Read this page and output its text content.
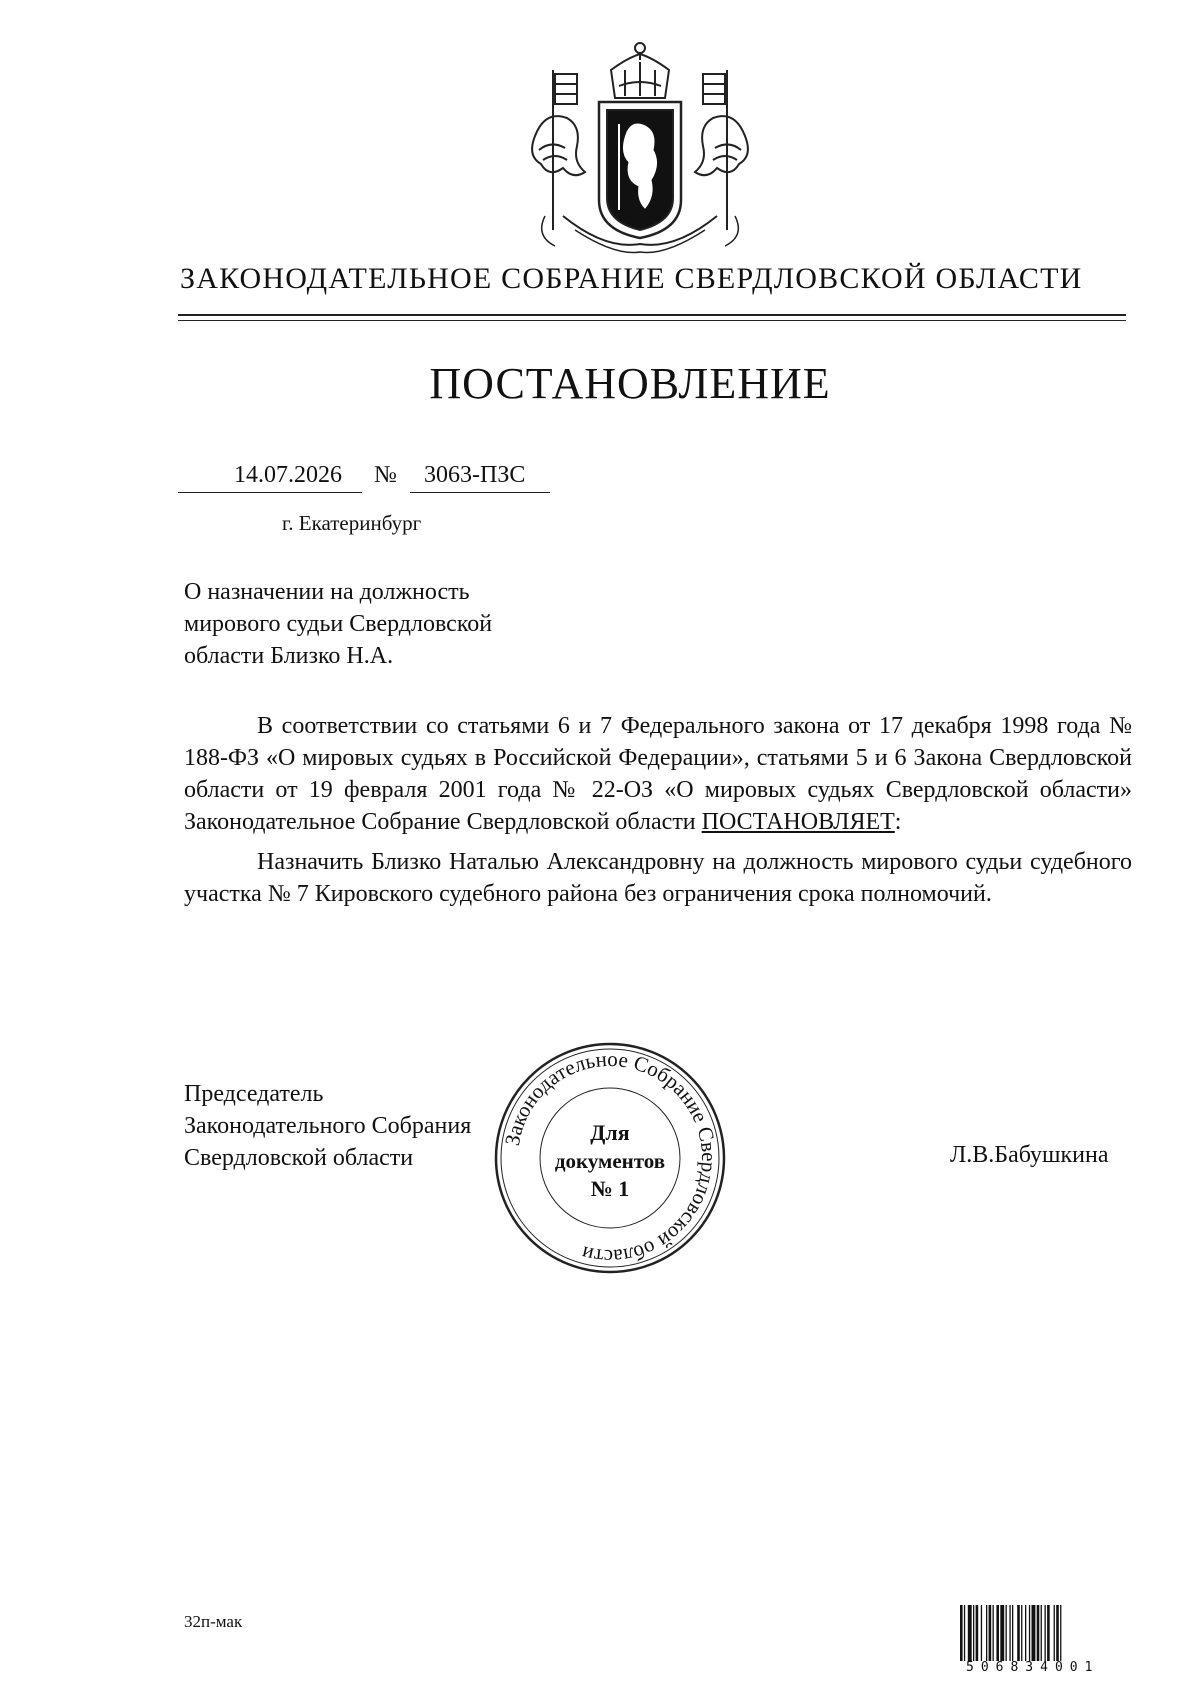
ЗАКОНОДАТЕЛЬНОЕ СОБРАНИЕ СВЕРДЛОВСКОЙ ОБЛАСТИ
ПОСТАНОВЛЕНИЕ
14.07.2026	№	3063-ПЗС
г. Екатеринбург
О назначении на должность
мирового судьи Свердловской
области Близко Н.А.

В соответствии со статьями 6 и 7 Федерального закона от 17 декабря 1998 года № 188-ФЗ «О мировых судьях в Российской Федерации», статьями 5 и 6 Закона Свердловской области от 19 февраля 2001 года № 22-ОЗ «О мировых судьях Свердловской области» Законодательное Собрание Свердловской области ПОСТАНОВЛЯЕТ:

Назначить Близко Наталью Александровну на должность мирового судьи судебного участка № 7 Кировского судебного района без ограничения срока полномочий.

Председатель
Законодательного Собрания
Свердловской области
Законодательное Собрание Свердловской области
Для
документов
№ 1
Л.В.Бабушкина
506834001
32п-мак
